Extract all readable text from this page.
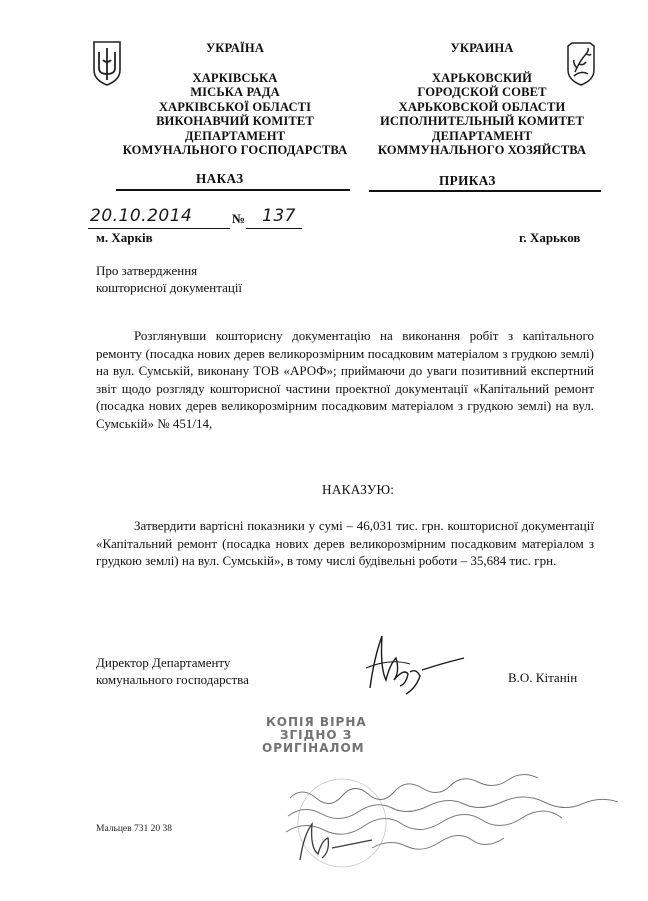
УКРАЇНА
ХАРКІВСЬКА
МІСЬКА РАДА
ХАРКІВСЬКОЇ ОБЛАСТІ
ВИКОНАВЧИЙ КОМІТЕТ
ДЕПАРТАМЕНТ
КОМУНАЛЬНОГО ГОСПОДАРСТВА
УКРАИНА
ХАРЬКОВСКИЙ
ГОРОДСКОЙ СОВЕТ
ХАРЬКОВСКОЙ ОБЛАСТИ
ИСПОЛНИТЕЛЬНЫЙ КОМИТЕТ
ДЕПАРТАМЕНТ
КОММУНАЛЬНОГО ХОЗЯЙСТВА
НАКАЗ	ПРИКАЗ
20.10.2014	№ 137
м. Харків	г. Харьков
Про затвердження
кошторисної документації
Розглянувши кошторисну документацію на виконання робіт з капітального ремонту (посадка нових дерев великорозмірним посадковим матеріалом з грудкою землі) на вул. Сумській, виконану ТОВ «АРОФ»; приймаючи до уваги позитивний експертний звіт щодо розгляду кошторисної частини проектної документації «Капітальний ремонт (посадка нових дерев великорозмірним посадковим матеріалом з грудкою землі) на вул. Сумській» № 451/14,
НАКАЗУЮ:
Затвердити вартісні показники у сумі – 46,031 тис. грн. кошторисної документації «Капітальний ремонт (посадка нових дерев великорозмірним посадковим матеріалом з грудкою землі) на вул. Сумській», в тому числі будівельні роботи – 35,684 тис. грн.
Директор Департаменту
комунального господарства	В.О. Кітанін
КОПІЯ ВІРНА
ЗГІДНО З
ОРИГІНАЛОМ
Мальцев 731 20 38
